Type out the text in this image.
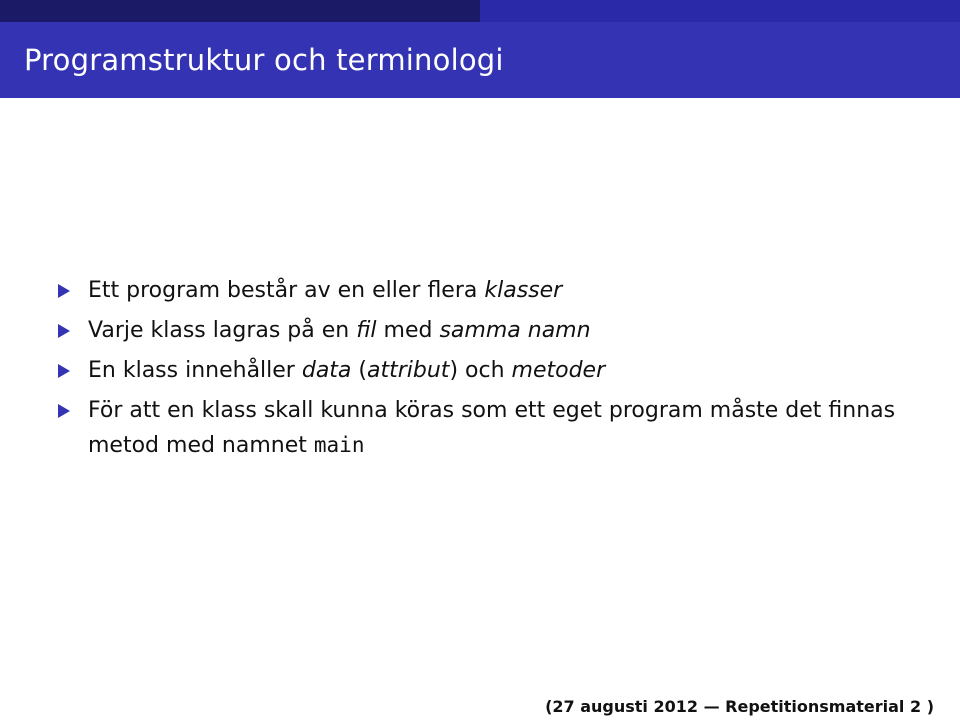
Programstruktur och terminologi
Ett program består av en eller flera klasser
Varje klass lagras på en fil med samma namn
En klass innehåller data (attribut) och metoder
För att en klass skall kunna köras som ett eget program måste det finnas metod med namnet main
(27 augusti 2012 — Repetitionsmaterial 2 )
